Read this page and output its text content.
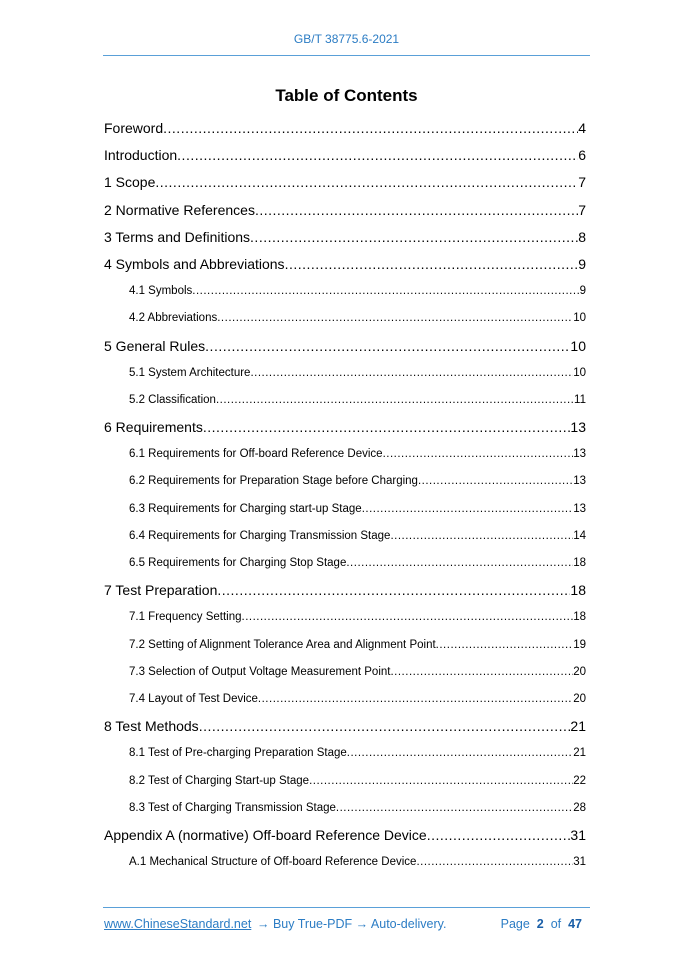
GB/T 38775.6-2021
Table of Contents
Foreword .....	4
Introduction .....	6
1 Scope .....	7
2 Normative References .....	7
3 Terms and Definitions .....	8
4 Symbols and Abbreviations .....	9
4.1 Symbols .....	9
4.2 Abbreviations .....	10
5 General Rules .....	10
5.1 System Architecture .....	10
5.2 Classification .....	11
6 Requirements .....	13
6.1 Requirements for Off-board Reference Device .....	13
6.2 Requirements for Preparation Stage before Charging .....	13
6.3 Requirements for Charging start-up Stage .....	13
6.4 Requirements for Charging Transmission Stage .....	14
6.5 Requirements for Charging Stop Stage .....	18
7 Test Preparation .....	18
7.1 Frequency Setting .....	18
7.2 Setting of Alignment Tolerance Area and Alignment Point .....	19
7.3 Selection of Output Voltage Measurement Point .....	20
7.4 Layout of Test Device .....	20
8 Test Methods .....	21
8.1 Test of Pre-charging Preparation Stage .....	21
8.2 Test of Charging Start-up Stage .....	22
8.3 Test of Charging Transmission Stage .....	28
Appendix A (normative) Off-board Reference Device .....	31
A.1 Mechanical Structure of Off-board Reference Device .....	31
www.ChineseStandard.net → Buy True-PDF → Auto-delivery.	Page 2 of 47
